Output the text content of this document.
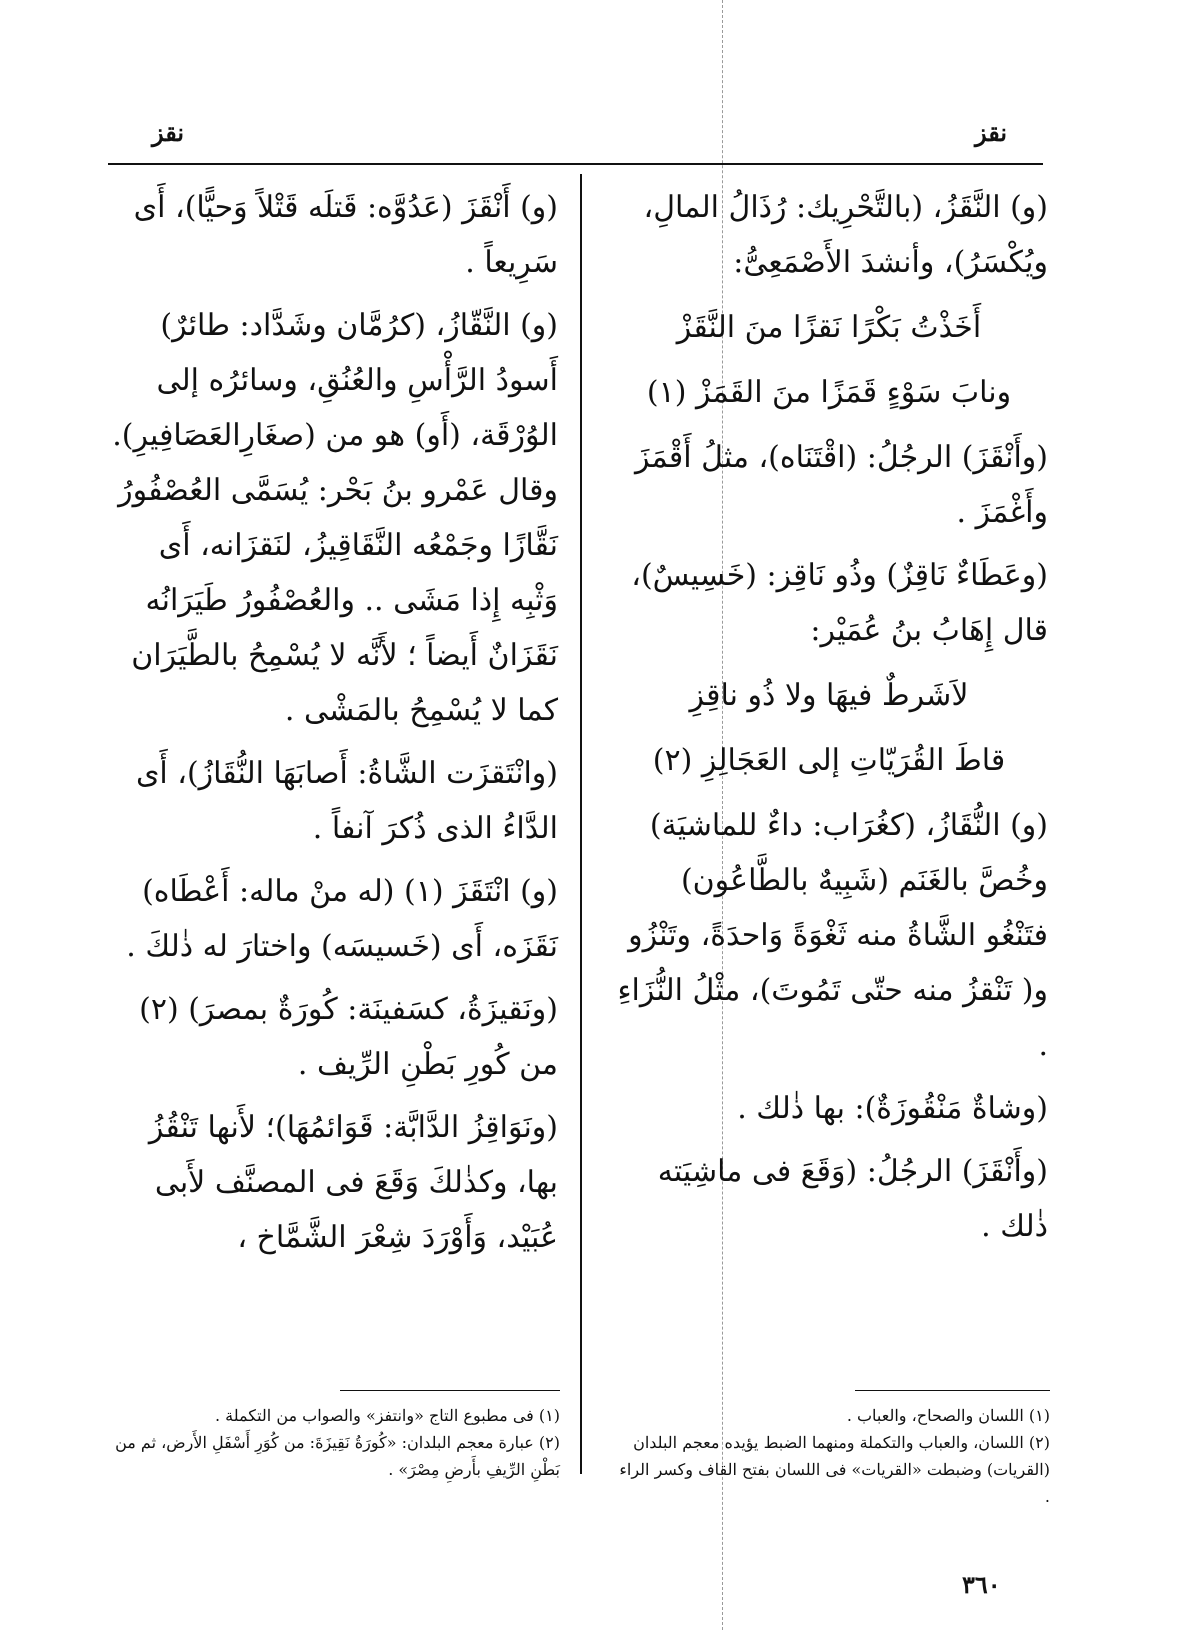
نقز	نقز

(و) النَّقَزُ، (بالتَّحْرِيك: رُذَالُ المالِ، ويُكْسَرُ)، وأنشدَ الأَصْمَعِىُّ:

أَخَذْتُ بَكْرًا نَقزًا منَ النَّقَزْ

ونابَ سَوْءٍ قَمَزًا منَ القَمَزْ (١)

(وأَنْقَزَ) الرجُلُ: (اقْتَنَاه)، مثلُ أَقْمَزَ وأَغْمَزَ .

(وعَطَاءٌ نَاقِزٌ) وذُو نَاقِز: (خَسِيسٌ)، قال إِهَابُ بنُ عُمَيْر:

لاَشَرطٌ فيهَا ولا ذُو ناقِزِ

قاطَ القُرَيّاتِ إلى العَجَالِزِ (٢)

(و) النُّقَازُ، (كغُرَاب: داءٌ للماشيَة) وخُصَّ بالغَنَم (شَبِيهٌ بالطَّاعُون) فتَنْغُو الشَّاةُ منه ثَغْوَةً وَاحدَةً، وتَنْزُو و( تَنْقزُ منه حتّى تَمُوتَ)، مثْلُ النُّزَاءِ .

(وشاةٌ مَنْقُوزَةٌ): بها ذٰلك .

(وأَنْقَزَ) الرجُلُ: (وَقَعَ فى ماشِيَته ذٰلك .

(و) أَنْقَزَ (عَدُوَّه: قَتلَه قَتْلاً وَحيًّا)، أَى سَرِيعاً .

(و) النَّقّازُ، (كرُمَّان وشَدَّاد: طائرٌ) أَسودُ الرَّأْسِ والعُنُقِ، وسائرُه إلى الوُرْقَة، (أَو) هو من (صغَارِالعَصَافِيرِ). وقال عَمْرو بنُ بَحْر: يُسَمَّى العُصْفُورُ نَقَّازًا وجَمْعُه النَّقَاقِيزُ، لنَقزَانه، أَى وَثْبِه إِذا مَشَى .. والعُصْفُورُ طَيَرَانُه نَقَزَانٌ أَيضاً ؛ لأَنَّه لا يُسْمِحُ بالطَّيَرَان كما لا يُسْمِحُ بالمَشْى .

(وانْتَقزَت الشَّاةُ: أَصابَهَا النُّقَازُ)، أَى الدَّاءُ الذى ذُكرَ آنفاً .

(و) انْتَقَزَ (١) (له منْ ماله: أَعْطَاه) نَقَزَه، أَى (خَسيسَه) واختارَ له ذٰلكَ .

(ونَقيزَةُ، كسَفينَة: كُورَةٌ بمصرَ) (٢) من كُورِ بَطْنِ الرِّيف .

(ونَوَاقِزُ الدَّابَّة: قَوَائمُهَا)؛ لأَنها تَنْقُزُ بها، وكذٰلكَ وَقَعَ فى المصنَّف لأَبى عُبَيْد، وَأَوْرَدَ شِعْرَ الشَّمَّاخ ،

(١) اللسان والصحاح، والعباب .
(٢) اللسان، والعباب والتكملة ومنهما الضبط يؤيده معجم البلدان (القريات) وضبطت «القريات» فى اللسان بفتح القاف وكسر الراء .
(١) فى مطبوع التاج «وانتفز» والصواب من التكملة .
(٢) عبارة معجم البلدان: «كُورَةُ نَقِيزَةَ: من كُوَرِ أَسْفَلِ الأَرض، ثم من بَطْنِ الرِّيفِ بأَرضِ مِصْرَ» .
٣٦٠
